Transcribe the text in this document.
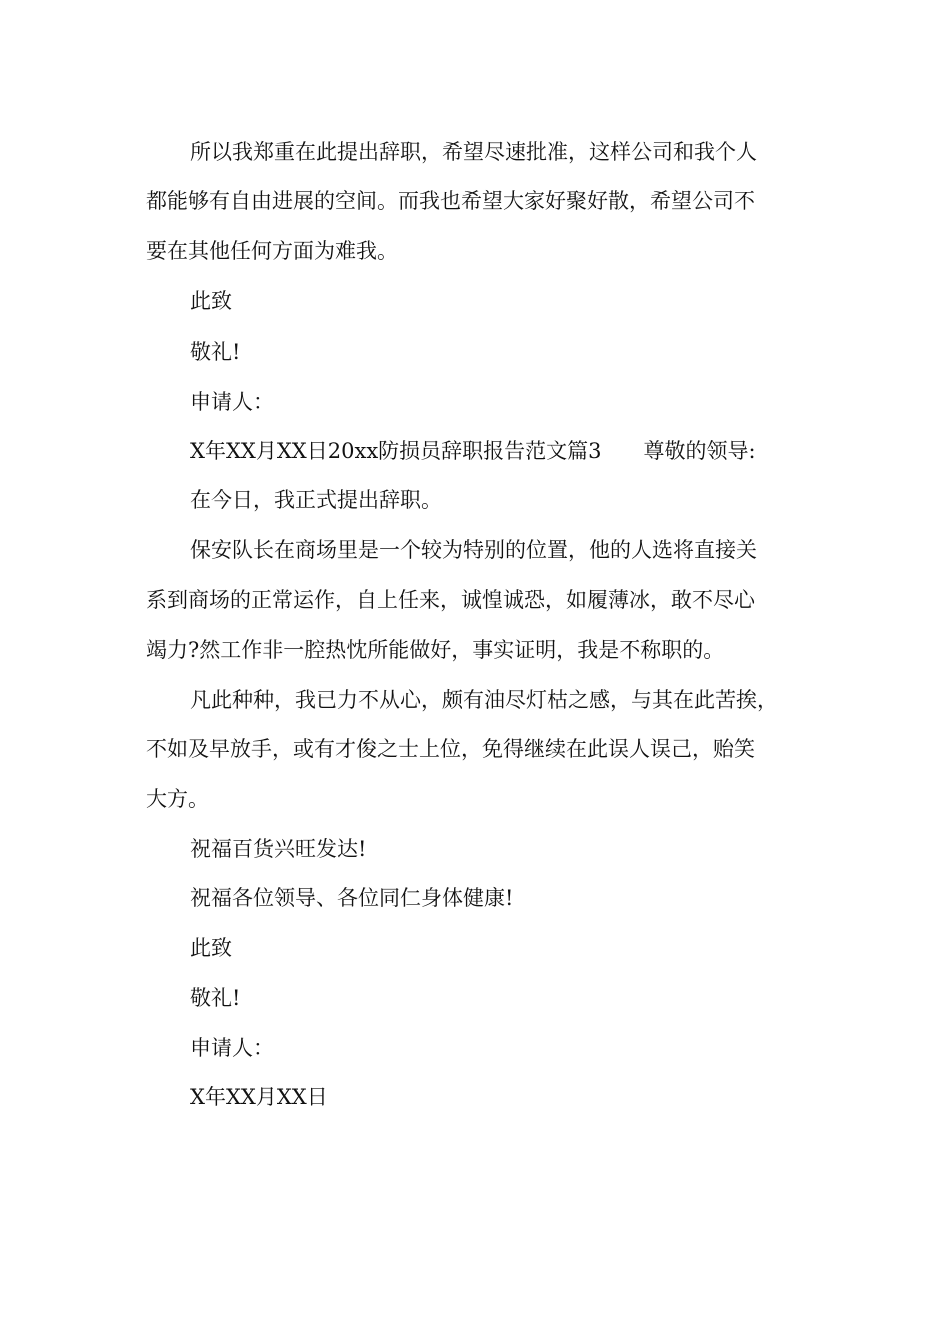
所以我郑重在此提出辞职，希望尽速批准，这样公司和我个人
都能够有自由进展的空间。而我也希望大家好聚好散，希望公司不
要在其他任何方面为难我。
此致
敬礼!
申请人：
X年XX月XX日20xx防损员辞职报告范文篇3　　尊敬的领导:
在今日，我正式提出辞职。
保安队长在商场里是一个较为特别的位置，他的人选将直接关
系到商场的正常运作，自上任来，诚惶诚恐，如履薄冰，敢不尽心
竭力?然工作非一腔热忱所能做好，事实证明，我是不称职的。
凡此种种，我已力不从心，颇有油尽灯枯之感，与其在此苦挨，
不如及早放手，或有才俊之士上位，免得继续在此误人误己，贻笑
大方。
祝福百货兴旺发达!
祝福各位领导、各位同仁身体健康!
此致
敬礼!
申请人：
X年XX月XX日
